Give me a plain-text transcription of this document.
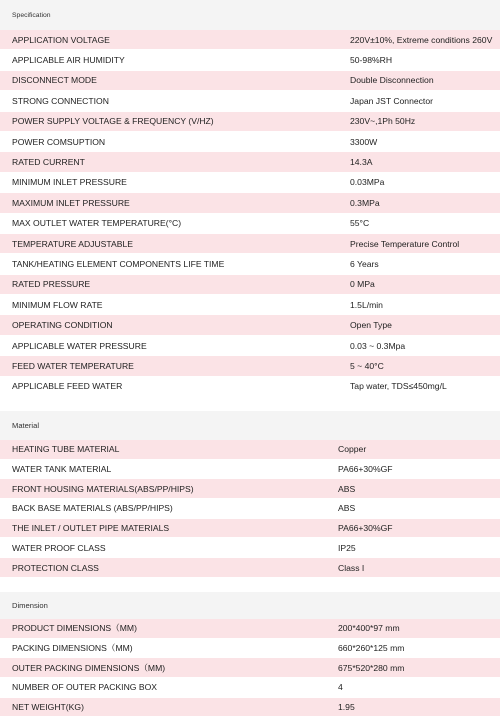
Specification
APPLICATION VOLTAGE	220V±10%, Extreme conditions 260V
APPLICABLE AIR HUMIDITY	50-98%RH
DISCONNECT MODE	Double Disconnection
STRONG CONNECTION	Japan JST Connector
POWER SUPPLY VOLTAGE & FREQUENCY (V/HZ)	230V~,1Ph 50Hz
POWER COMSUPTION	3300W
RATED CURRENT	14.3A
MINIMUM INLET PRESSURE	0.03MPa
MAXIMUM INLET PRESSURE	0.3MPa
MAX OUTLET WATER TEMPERATURE(°C)	55°C
TEMPERATURE ADJUSTABLE	Precise Temperature Control
TANK/HEATING ELEMENT COMPONENTS LIFE TIME	6 Years
RATED PRESSURE	0 MPa
MINIMUM FLOW RATE	1.5L/min
OPERATING CONDITION	Open Type
APPLICABLE WATER PRESSURE	0.03 ~ 0.3Mpa
FEED WATER TEMPERATURE	5 ~ 40°C
APPLICABLE FEED WATER	Tap water, TDS≤450mg/L
Material
HEATING TUBE MATERIAL	Copper
WATER TANK MATERIAL	PA66+30%GF
FRONT HOUSING MATERIALS(ABS/PP/HIPS)	ABS
BACK BASE MATERIALS (ABS/PP/HIPS)	ABS
THE INLET / OUTLET PIPE MATERIALS	PA66+30%GF
WATER PROOF CLASS	IP25
PROTECTION CLASS	Class I
Dimension
PRODUCT DIMENSIONS（MM)	200*400*97 mm
PACKING DIMENSIONS（MM)	660*260*125 mm
OUTER PACKING DIMENSIONS（MM)	675*520*280 mm
NUMBER OF OUTER PACKING BOX	4
NET WEIGHT(KG)	1.95
